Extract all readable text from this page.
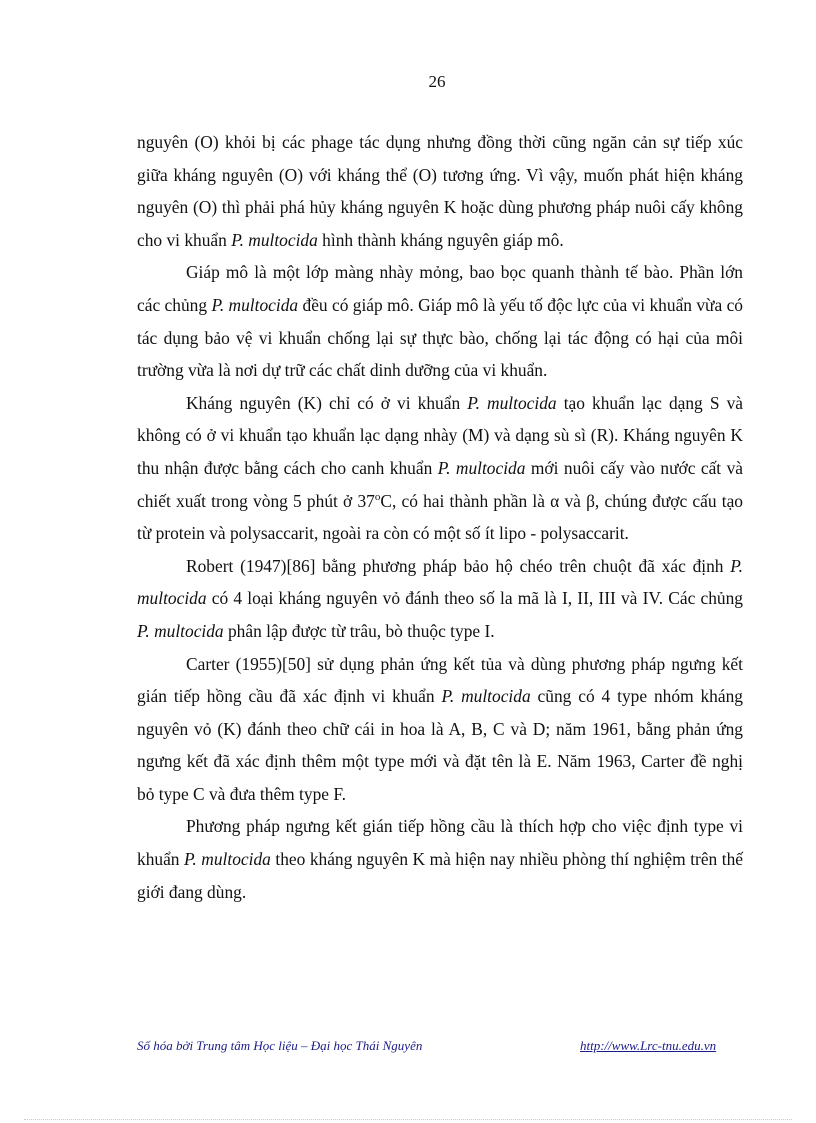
26

nguyên (O) khỏi bị các phage tác dụng nhưng đồng thời cũng ngăn cản sự tiếp xúc giữa kháng nguyên (O) với kháng thể (O) tương ứng. Vì vậy, muốn phát hiện kháng nguyên (O) thì phải phá hủy kháng nguyên K hoặc dùng phương pháp nuôi cấy không cho vi khuẩn P. multocida hình thành kháng nguyên giáp mô.

Giáp mô là một lớp màng nhày mỏng, bao bọc quanh thành tế bào. Phần lớn các chủng P. multocida đều có giáp mô. Giáp mô là yếu tố độc lực của vi khuẩn vừa có tác dụng bảo vệ vi khuẩn chống lại sự thực bào, chống lại tác động có hại của môi trường vừa là nơi dự trữ các chất dinh dưỡng của vi khuẩn.

Kháng nguyên (K) chỉ có ở vi khuẩn P. multocida tạo khuẩn lạc dạng S và không có ở vi khuẩn tạo khuẩn lạc dạng nhày (M) và dạng sù sì (R). Kháng nguyên K thu nhận được bằng cách cho canh khuẩn P. multocida mới nuôi cấy vào nước cất và chiết xuất trong vòng 5 phút ở 37$^o$C, có hai thành phần là α và β, chúng được cấu tạo từ protein và polysaccarit, ngoài ra còn có một số ít lipo - polysaccarit.

Robert (1947)[86] bằng phương pháp bảo hộ chéo trên chuột đã xác định P. multocida có 4 loại kháng nguyên vỏ đánh theo số la mã là I, II, III và IV. Các chủng P. multocida phân lập được từ trâu, bò thuộc type I.

Carter (1955)[50] sử dụng phản ứng kết tủa và dùng phương pháp ngưng kết gián tiếp hồng cầu đã xác định vi khuẩn P. multocida cũng có 4 type nhóm kháng nguyên vỏ (K) đánh theo chữ cái in hoa là A, B, C và D; năm 1961, bằng phản ứng ngưng kết đã xác định thêm một type mới và đặt tên là E. Năm 1963, Carter đề nghị bỏ type C và đưa thêm type F.

Phương pháp ngưng kết gián tiếp hồng cầu là thích hợp cho việc định type vi khuẩn P. multocida theo kháng nguyên K mà hiện nay nhiều phòng thí nghiệm trên thế giới đang dùng.

Số hóa bởi Trung tâm Học liệu – Đại học Thái Nguyên	http://www.Lrc-tnu.edu.vn
